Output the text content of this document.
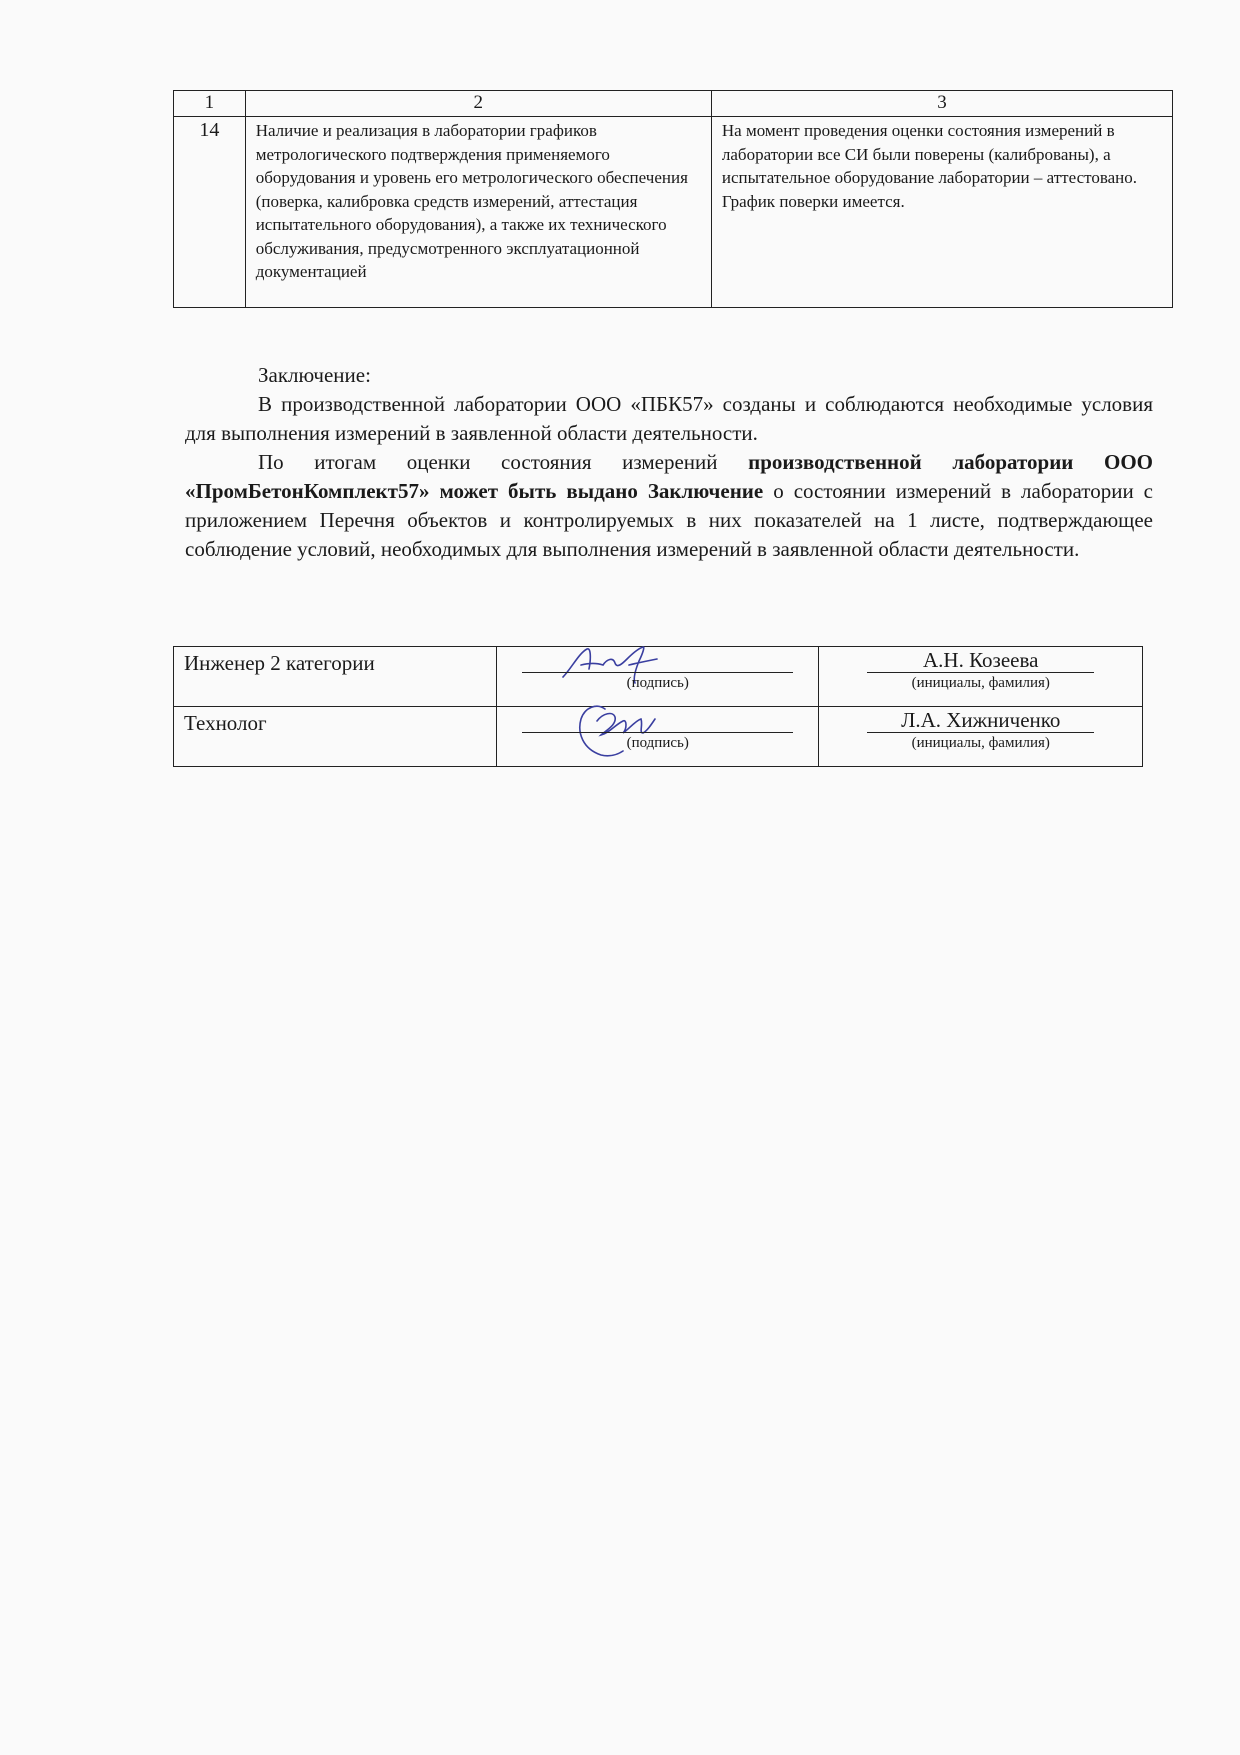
1	2	3
14	Наличие и реализация в лаборатории графиков метрологического подтверждения применяемого оборудования и уровень его метрологического обеспечения (поверка, калибровка средств измерений, аттестация испытательного оборудования), а также их технического обслуживания, предусмотренного эксплуатационной документацией	На момент проведения оценки состояния измерений в лаборатории все СИ были поверены (калиброваны), а испытательное оборудование лаборатории – аттестовано. График поверки имеется.

Заключение:

В производственной лаборатории ООО «ПБК57» созданы и соблюдаются необходимые условия для выполнения измерений в заявленной области деятельности.

По итогам оценки состояния измерений производственной лаборатории ООО «ПромБетонКомплект57» может быть выдано Заключение о состоянии измерений в лаборатории с приложением Перечня объектов и контролируемых в них показателей на 1 листе, подтверждающее соблюдение условий, необходимых для выполнения измерений в заявленной области деятельности.

Инженер 2 категории	(подпись)	А.Н. Козеева
(инициалы, фамилия)

Технолог	(подпись)	Л.А. Хижниченко
(инициалы, фамилия)
